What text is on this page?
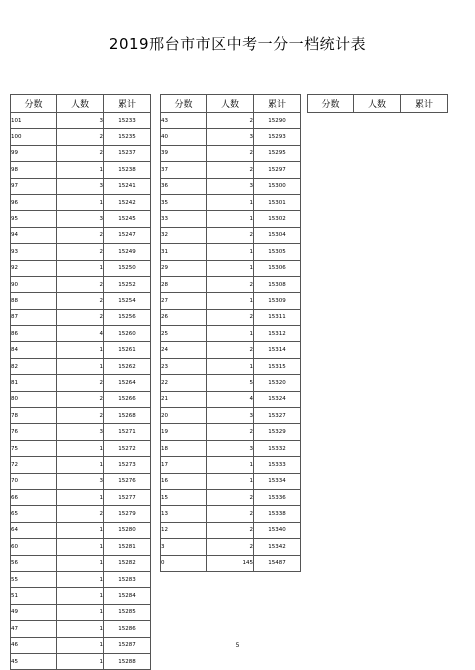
2019邢台市市区中考一分一档统计表
分数	人数	累计
101	3	15233
100	2	15235
99	2	15237
98	1	15238
97	3	15241
96	1	15242
95	3	15245
94	2	15247
93	2	15249
92	1	15250
90	2	15252
88	2	15254
87	2	15256
86	4	15260
84	1	15261
82	1	15262
81	2	15264
80	2	15266
78	2	15268
76	3	15271
75	1	15272
72	1	15273
70	3	15276
66	1	15277
65	2	15279
64	1	15280
60	1	15281
56	1	15282
55	1	15283
51	1	15284
49	1	15285
47	1	15286
46	1	15287
45	1	15288
分数	人数	累计
43	2	15290
40	3	15293
39	2	15295
37	2	15297
36	3	15300
35	1	15301
33	1	15302
32	2	15304
31	1	15305
29	1	15306
28	2	15308
27	1	15309
26	2	15311
25	1	15312
24	2	15314
23	1	15315
22	5	15320
21	4	15324
20	3	15327
19	2	15329
18	3	15332
17	1	15333
16	1	15334
15	2	15336
13	2	15338
12	2	15340
3	2	15342
0	145	15487
分数	人数	累计
5
